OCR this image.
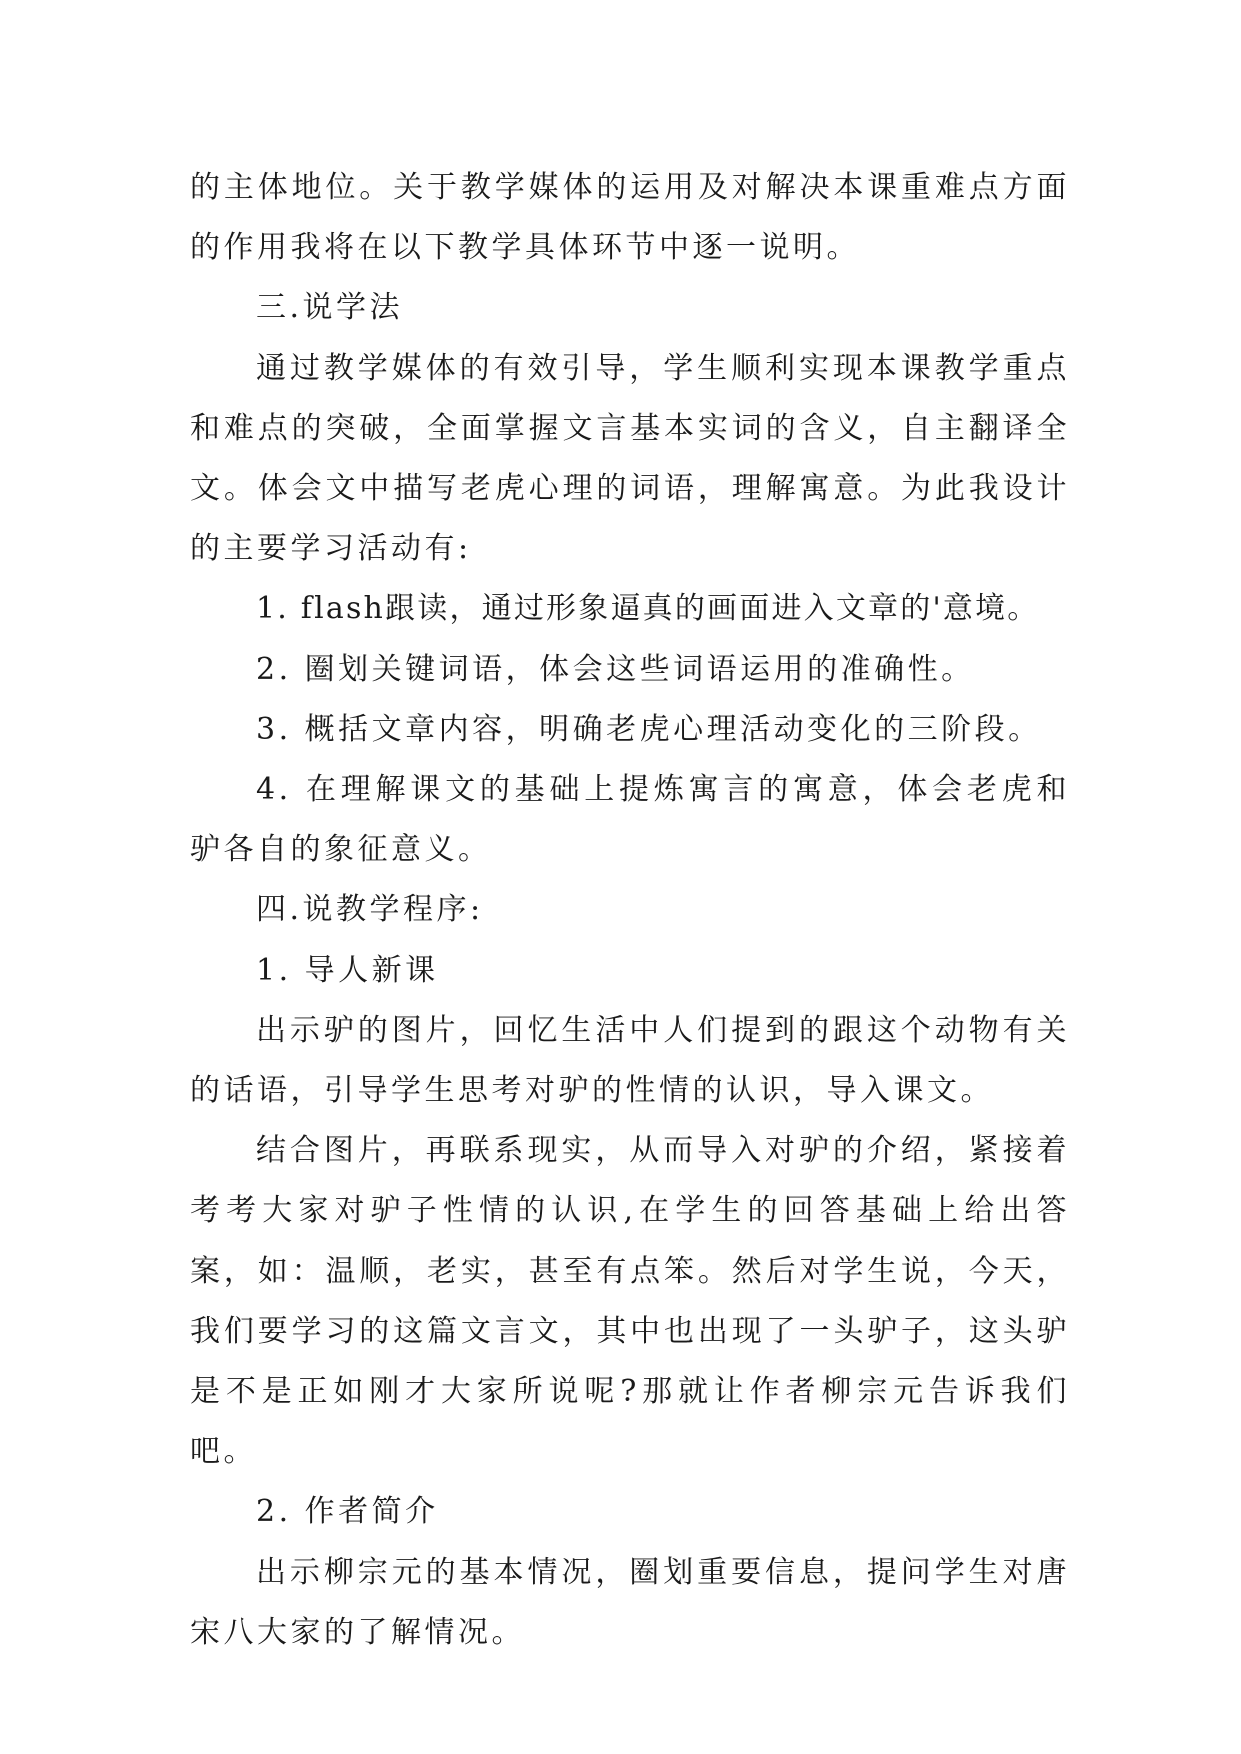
的主体地位。关于教学媒体的运用及对解决本课重难点方面的作用我将在以下教学具体环节中逐一说明。

三.说学法

通过教学媒体的有效引导，学生顺利实现本课教学重点和难点的突破，全面掌握文言基本实词的含义，自主翻译全文。体会文中描写老虎心理的词语，理解寓意。为此我设计的主要学习活动有:

1. flash跟读，通过形象逼真的画面进入文章的'意境。

2. 圈划关键词语，体会这些词语运用的准确性。

3. 概括文章内容，明确老虎心理活动变化的三阶段。

4. 在理解课文的基础上提炼寓言的寓意，体会老虎和驴各自的象征意义。

四.说教学程序:

1. 导人新课

出示驴的图片，回忆生活中人们提到的跟这个动物有关的话语，引导学生思考对驴的性情的认识，导入课文。

结合图片，再联系现实，从而导入对驴的介绍，紧接着考考大家对驴子性情的认识,在学生的回答基础上给出答案，如：温顺，老实，甚至有点笨。然后对学生说，今天，我们要学习的这篇文言文，其中也出现了一头驴子，这头驴是不是正如刚才大家所说呢?那就让作者柳宗元告诉我们吧。

2. 作者简介

出示柳宗元的基本情况，圈划重要信息，提问学生对唐宋八大家的了解情况。
